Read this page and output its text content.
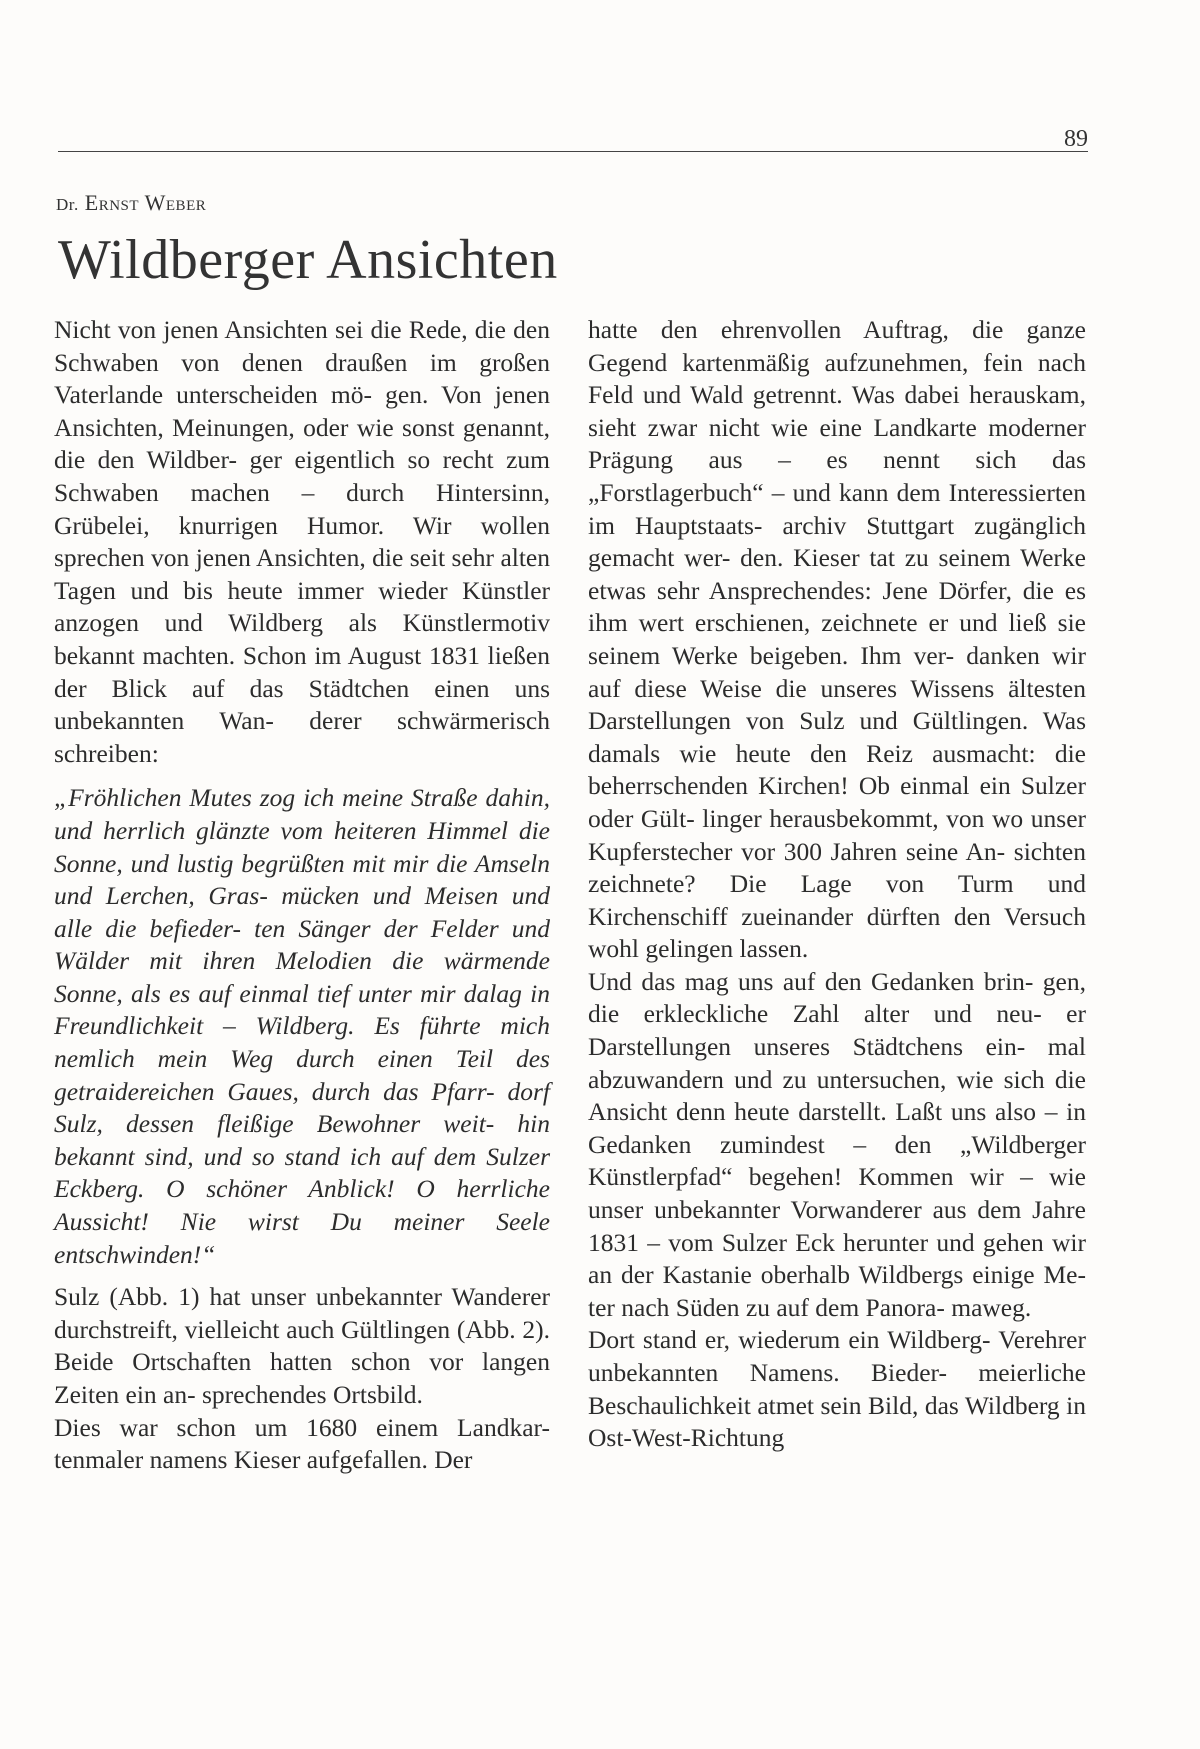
89
Dr. Ernst Weber
Wildberger Ansichten

Nicht von jenen Ansichten sei die Rede, die den Schwaben von denen draußen im großen Vaterlande unterscheiden mö- gen. Von jenen Ansichten, Meinungen, oder wie sonst genannt, die den Wildber- ger eigentlich so recht zum Schwaben machen – durch Hintersinn, Grübelei, knurrigen Humor. Wir wollen sprechen von jenen Ansichten, die seit sehr alten Tagen und bis heute immer wieder Künstler anzogen und Wildberg als Künstlermotiv bekannt machten. Schon im August 1831 ließen der Blick auf das Städtchen einen uns unbekannten Wan- derer schwärmerisch schreiben:

„Fröhlichen Mutes zog ich meine Straße dahin, und herrlich glänzte vom heiteren Himmel die Sonne, und lustig begrüßten mit mir die Amseln und Lerchen, Gras- mücken und Meisen und alle die befieder- ten Sänger der Felder und Wälder mit ihren Melodien die wärmende Sonne, als es auf einmal tief unter mir dalag in Freundlichkeit – Wildberg. Es führte mich nemlich mein Weg durch einen Teil des getraidereichen Gaues, durch das Pfarr- dorf Sulz, dessen fleißige Bewohner weit- hin bekannt sind, und so stand ich auf dem Sulzer Eckberg. O schöner Anblick! O herrliche Aussicht! Nie wirst Du meiner Seele entschwinden!“

Sulz (Abb. 1) hat unser unbekannter Wanderer durchstreift, vielleicht auch Gültlingen (Abb. 2). Beide Ortschaften hatten schon vor langen Zeiten ein an- sprechendes Ortsbild.

Dies war schon um 1680 einem Landkar- tenmaler namens Kieser aufgefallen. Der

hatte den ehrenvollen Auftrag, die ganze Gegend kartenmäßig aufzunehmen, fein nach Feld und Wald getrennt. Was dabei herauskam, sieht zwar nicht wie eine Landkarte moderner Prägung aus – es nennt sich das „Forstlagerbuch“ – und kann dem Interessierten im Hauptstaats- archiv Stuttgart zugänglich gemacht wer- den. Kieser tat zu seinem Werke etwas sehr Ansprechendes: Jene Dörfer, die es ihm wert erschienen, zeichnete er und ließ sie seinem Werke beigeben. Ihm ver- danken wir auf diese Weise die unseres Wissens ältesten Darstellungen von Sulz und Gültlingen. Was damals wie heute den Reiz ausmacht: die beherrschenden Kirchen! Ob einmal ein Sulzer oder Gült- linger herausbekommt, von wo unser Kupferstecher vor 300 Jahren seine An- sichten zeichnete? Die Lage von Turm und Kirchenschiff zueinander dürften den Versuch wohl gelingen lassen.

Und das mag uns auf den Gedanken brin- gen, die erkleckliche Zahl alter und neu- er Darstellungen unseres Städtchens ein- mal abzuwandern und zu untersuchen, wie sich die Ansicht denn heute darstellt. Laßt uns also – in Gedanken zumindest – den „Wildberger Künstlerpfad“ begehen! Kommen wir – wie unser unbekannter Vorwanderer aus dem Jahre 1831 – vom Sulzer Eck herunter und gehen wir an der Kastanie oberhalb Wildbergs einige Me- ter nach Süden zu auf dem Panora- maweg.

Dort stand er, wiederum ein Wildberg- Verehrer unbekannten Namens. Bieder- meierliche Beschaulichkeit atmet sein Bild, das Wildberg in Ost-West-Richtung
